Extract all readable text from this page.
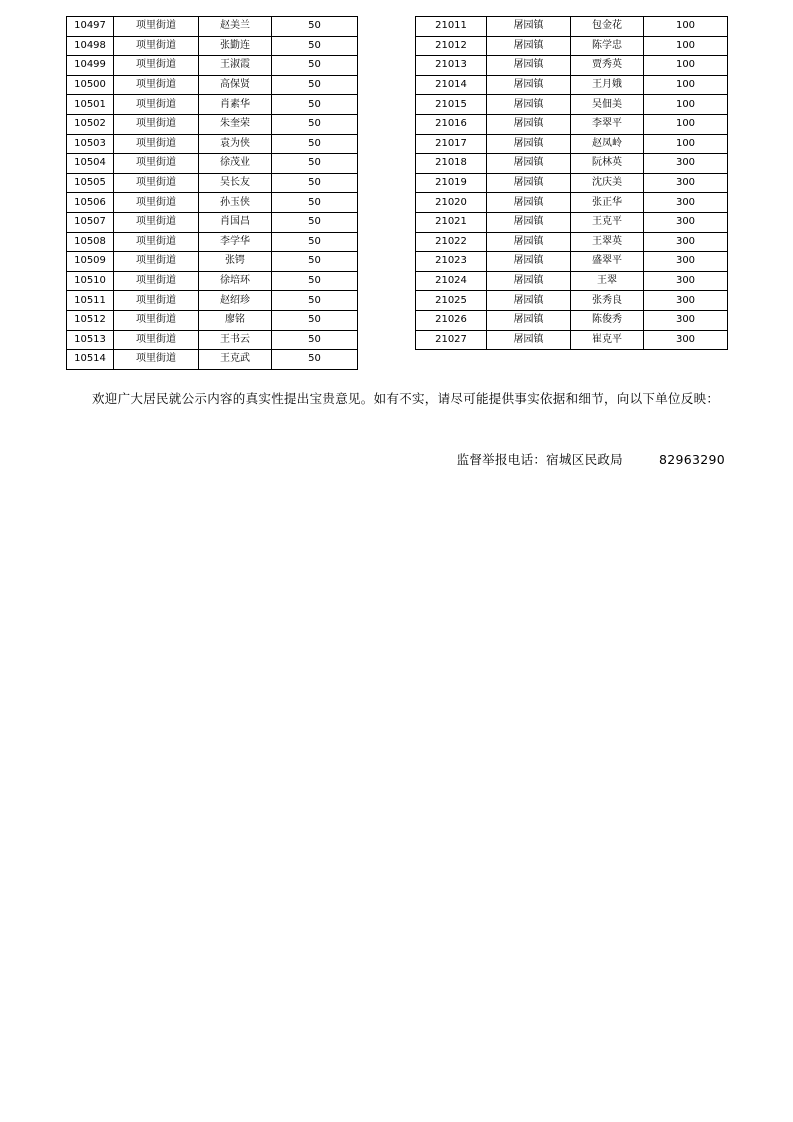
10497	项里街道	赵美兰	50
10498	项里街道	张勤连	50
10499	项里街道	王淑霞	50
10500	项里街道	高保贤	50
10501	项里街道	肖素华	50
10502	项里街道	朱奎荣	50
10503	项里街道	袁为侠	50
10504	项里街道	徐茂业	50
10505	项里街道	吴长友	50
10506	项里街道	孙玉侠	50
10507	项里街道	肖国昌	50
10508	项里街道	李学华	50
10509	项里街道	张锷	50
10510	项里街道	徐培环	50
10511	项里街道	赵绍珍	50
10512	项里街道	廖铭	50
10513	项里街道	王书云	50
10514	项里街道	王克武	50
21011	屠园镇	包金花	100
21012	屠园镇	陈学忠	100
21013	屠园镇	贾秀英	100
21014	屠园镇	王月娥	100
21015	屠园镇	吴佃美	100
21016	屠园镇	李翠平	100
21017	屠园镇	赵凤岭	100
21018	屠园镇	阮林英	300
21019	屠园镇	沈庆美	300
21020	屠园镇	张正华	300
21021	屠园镇	王克平	300
21022	屠园镇	王翠英	300
21023	屠园镇	盛翠平	300
21024	屠园镇	王翠	300
21025	屠园镇	张秀良	300
21026	屠园镇	陈俊秀	300
21027	屠园镇	崔克平	300
欢迎广大居民就公示内容的真实性提出宝贵意见。如有不实，请尽可能提供事实依据和细节，向以下单位反映：
监督举报电话：宿城区民政局	82963290
